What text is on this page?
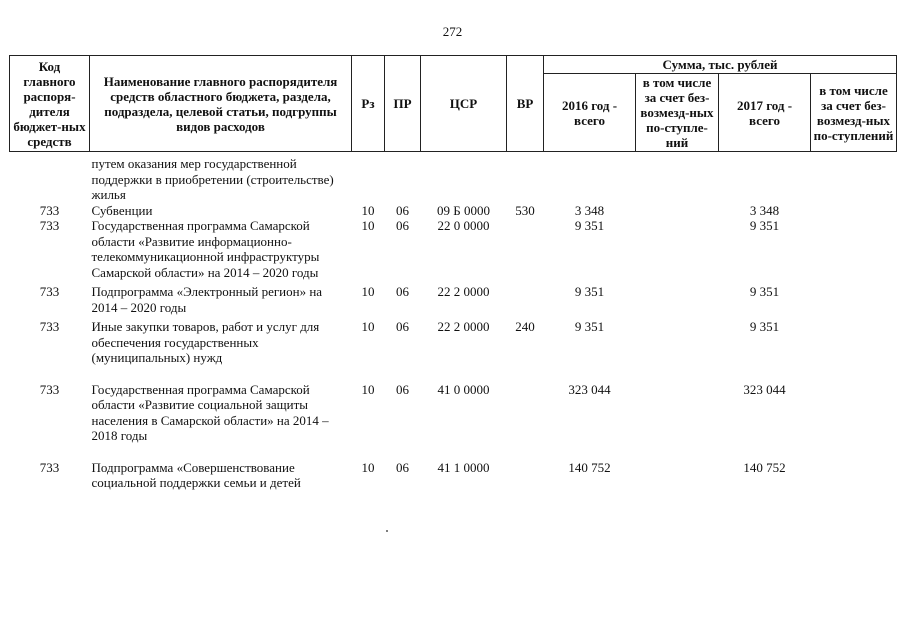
272
Код главного распоря-дителя бюджет-ных средств	Наименование главного распорядителя средств областного бюджета, раздела, подраздела, целевой статьи, подгруппы видов расходов	Рз	ПР	ЦСР	ВР	Сумма, тыс. рублей			
						2016 год - всего	в том числе за счет без-возмезд-ных по-ступле-ний	2017 год - всего	в том числе за счет без-возмезд-ных по-ступлений
	путем оказания мер государственной поддержки в приобретении (строительстве) жилья								
733	Субвенции	10	06	09 Б 0000	530	3 348		3 348	
733	Государственная программа Самарской области «Развитие информационно-телекоммуникационной инфраструктуры Самарской области» на 2014 – 2020 годы	10	06	22 0 0000		9 351		9 351	
733	Подпрограмма «Электронный регион» на 2014 – 2020 годы	10	06	22 2 0000		9 351		9 351	
733	Иные закупки товаров, работ и услуг для обеспечения государственных (муниципальных) нужд	10	06	22 2 0000	240	9 351		9 351	
733	Государственная программа Самарской области «Развитие социальной защиты населения в Самарской области» на 2014 – 2018 годы	10	06	41 0 0000		323 044		323 044	
733	Подпрограмма «Совершенствование социальной поддержки семьи и детей	10	06	41 1 0000		140 752		140 752	
